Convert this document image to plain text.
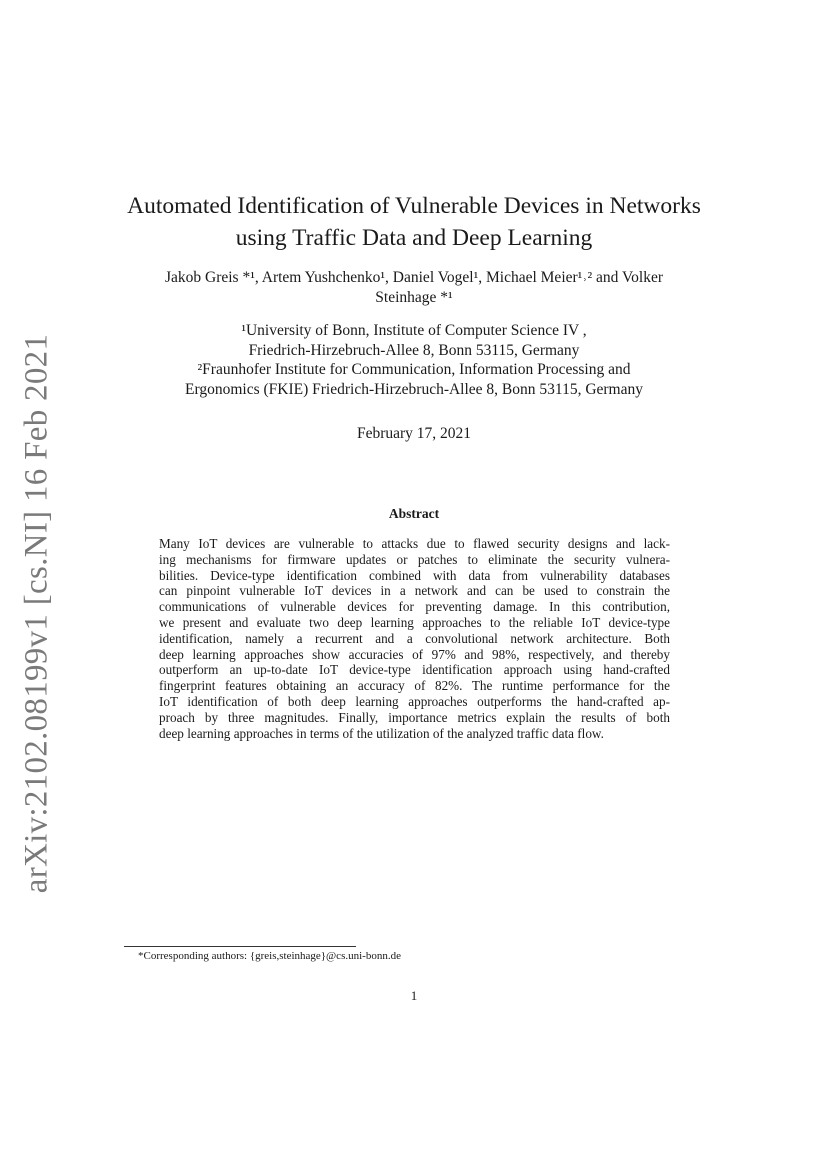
arXiv:2102.08199v1 [cs.NI] 16 Feb 2021
Automated Identification of Vulnerable Devices in Networks
using Traffic Data and Deep Learning
Jakob Greis *¹, Artem Yushchenko¹, Daniel Vogel¹, Michael Meier¹˒² and Volker
Steinhage *¹
¹University of Bonn, Institute of Computer Science IV ,
Friedrich-Hirzebruch-Allee 8, Bonn 53115, Germany
²Fraunhofer Institute for Communication, Information Processing and
Ergonomics (FKIE) Friedrich-Hirzebruch-Allee 8, Bonn 53115, Germany
February 17, 2021
Abstract
Many IoT devices are vulnerable to attacks due to flawed security designs and lack-
ing mechanisms for firmware updates or patches to eliminate the security vulnera-
bilities. Device-type identification combined with data from vulnerability databases
can pinpoint vulnerable IoT devices in a network and can be used to constrain the
communications of vulnerable devices for preventing damage. In this contribution,
we present and evaluate two deep learning approaches to the reliable IoT device-type
identification, namely a recurrent and a convolutional network architecture. Both
deep learning approaches show accuracies of 97% and 98%, respectively, and thereby
outperform an up-to-date IoT device-type identification approach using hand-crafted
fingerprint features obtaining an accuracy of 82%. The runtime performance for the
IoT identification of both deep learning approaches outperforms the hand-crafted ap-
proach by three magnitudes. Finally, importance metrics explain the results of both
deep learning approaches in terms of the utilization of the analyzed traffic data flow.
*Corresponding authors: {greis,steinhage}@cs.uni-bonn.de
1
